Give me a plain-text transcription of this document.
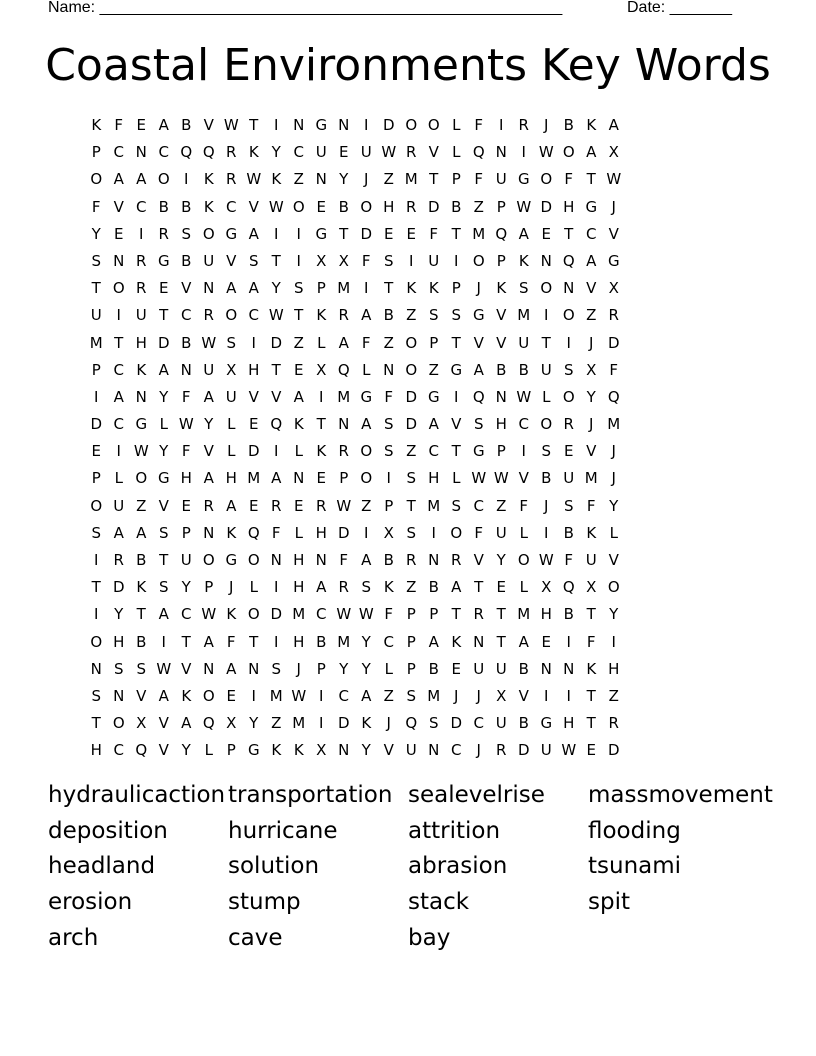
Name: ____________________________________________________	Date: _______
Coastal Environments Key Words
K F E A B V W T	I N G N I D O O L F	I	R	J	B K A
P C N C Q Q R K Y C U E U W R V L Q N I W O A X
O A A O I	K R W K Z N Y	J	Z M T P F U G O F T W
F V C B B K C V W O E B O H R D B Z P W D H G J
Y E	I	R S O G A	I	I G T D E E F T M Q A E T C V
S N R G B U V S T	I	X X F S	I U I O P K N Q A G
T O R E V N A A Y S P M I	T K K P	J	K S O N V X
U I U T C R O C W T K R A B Z S S G V M I O Z R
M T H D B W S	I D Z L A F Z O P T V V U T	I	J D
P C K A N U X H T E X Q L N O Z G A B B U S X F
I	A N Y F A U V V A	I M G F D G I Q N W L O Y Q
D C G L W Y L E Q K T N A S D A V S H C O R	J M
E	I W Y F V L D I	L K R O S Z C T G P	I	S E V	J
P L O G H A H M A N E P O I	S H L W W V B U M J
O U Z V E R A E R E R W Z P T M S C Z F	J	S F Y
S A A S P N K Q F L H D I	X S	I O F U L	I	B K L
I	R B T U O G O N H N F A B R N R V Y O W F U V
T D K S Y P	J	L	I H A R S K Z B A T E L X Q X O
I	Y T A C W K O D M C W W F P P T R T M H B T Y
O H B	I	T A F T	I H B M Y C P A K N T A E	I	F	I
N S S W V N A N S	J	P Y Y L P B E U U B N N K H
S N V A K O E	I M W I	C A Z S M J	J	X V	I	I	T Z
T O X V A Q X Y Z M I D K	J Q S D C U B G H T R
H C Q V Y L P G K K X N Y V U N C	J	R D U W E D
hydraulicaction transportation sealevelrise	massmovement
deposition	hurricane	attrition	flooding
headland	solution	abrasion	tsunami
erosion	stump	stack	spit
arch	cave	bay
